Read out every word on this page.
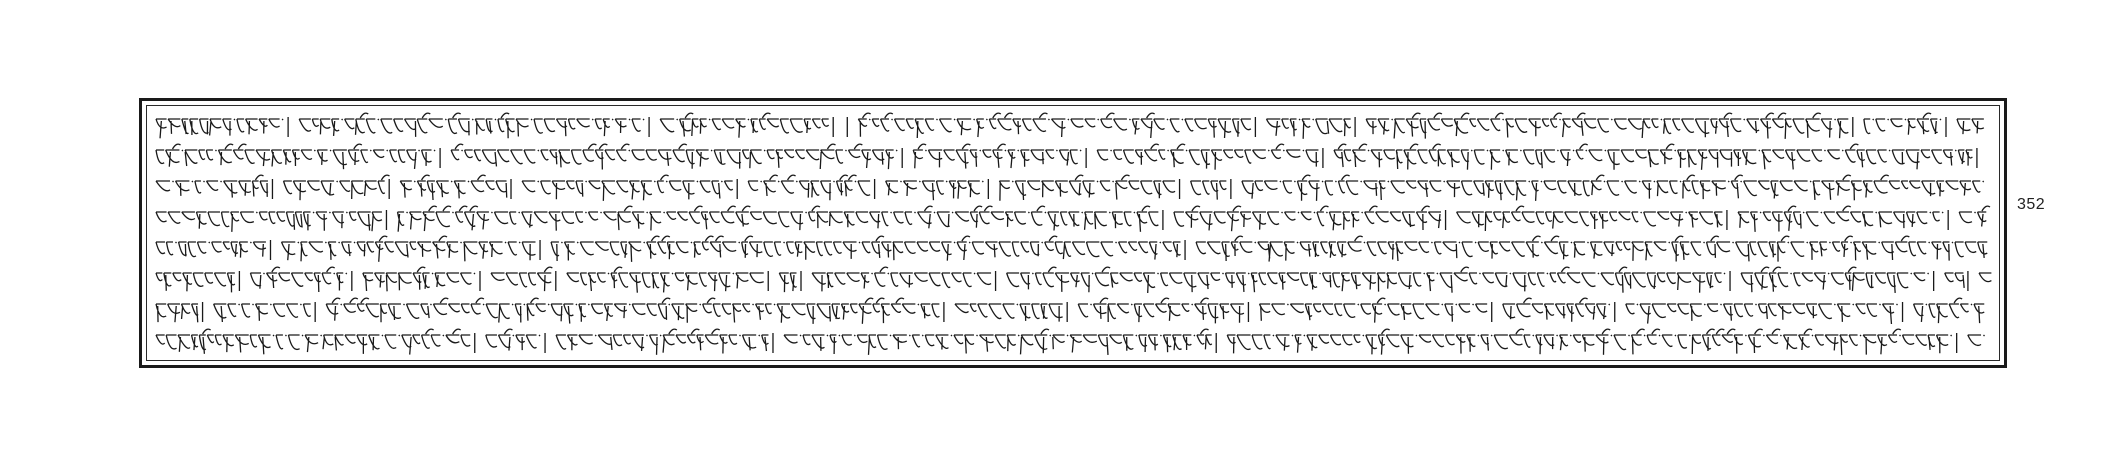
352
